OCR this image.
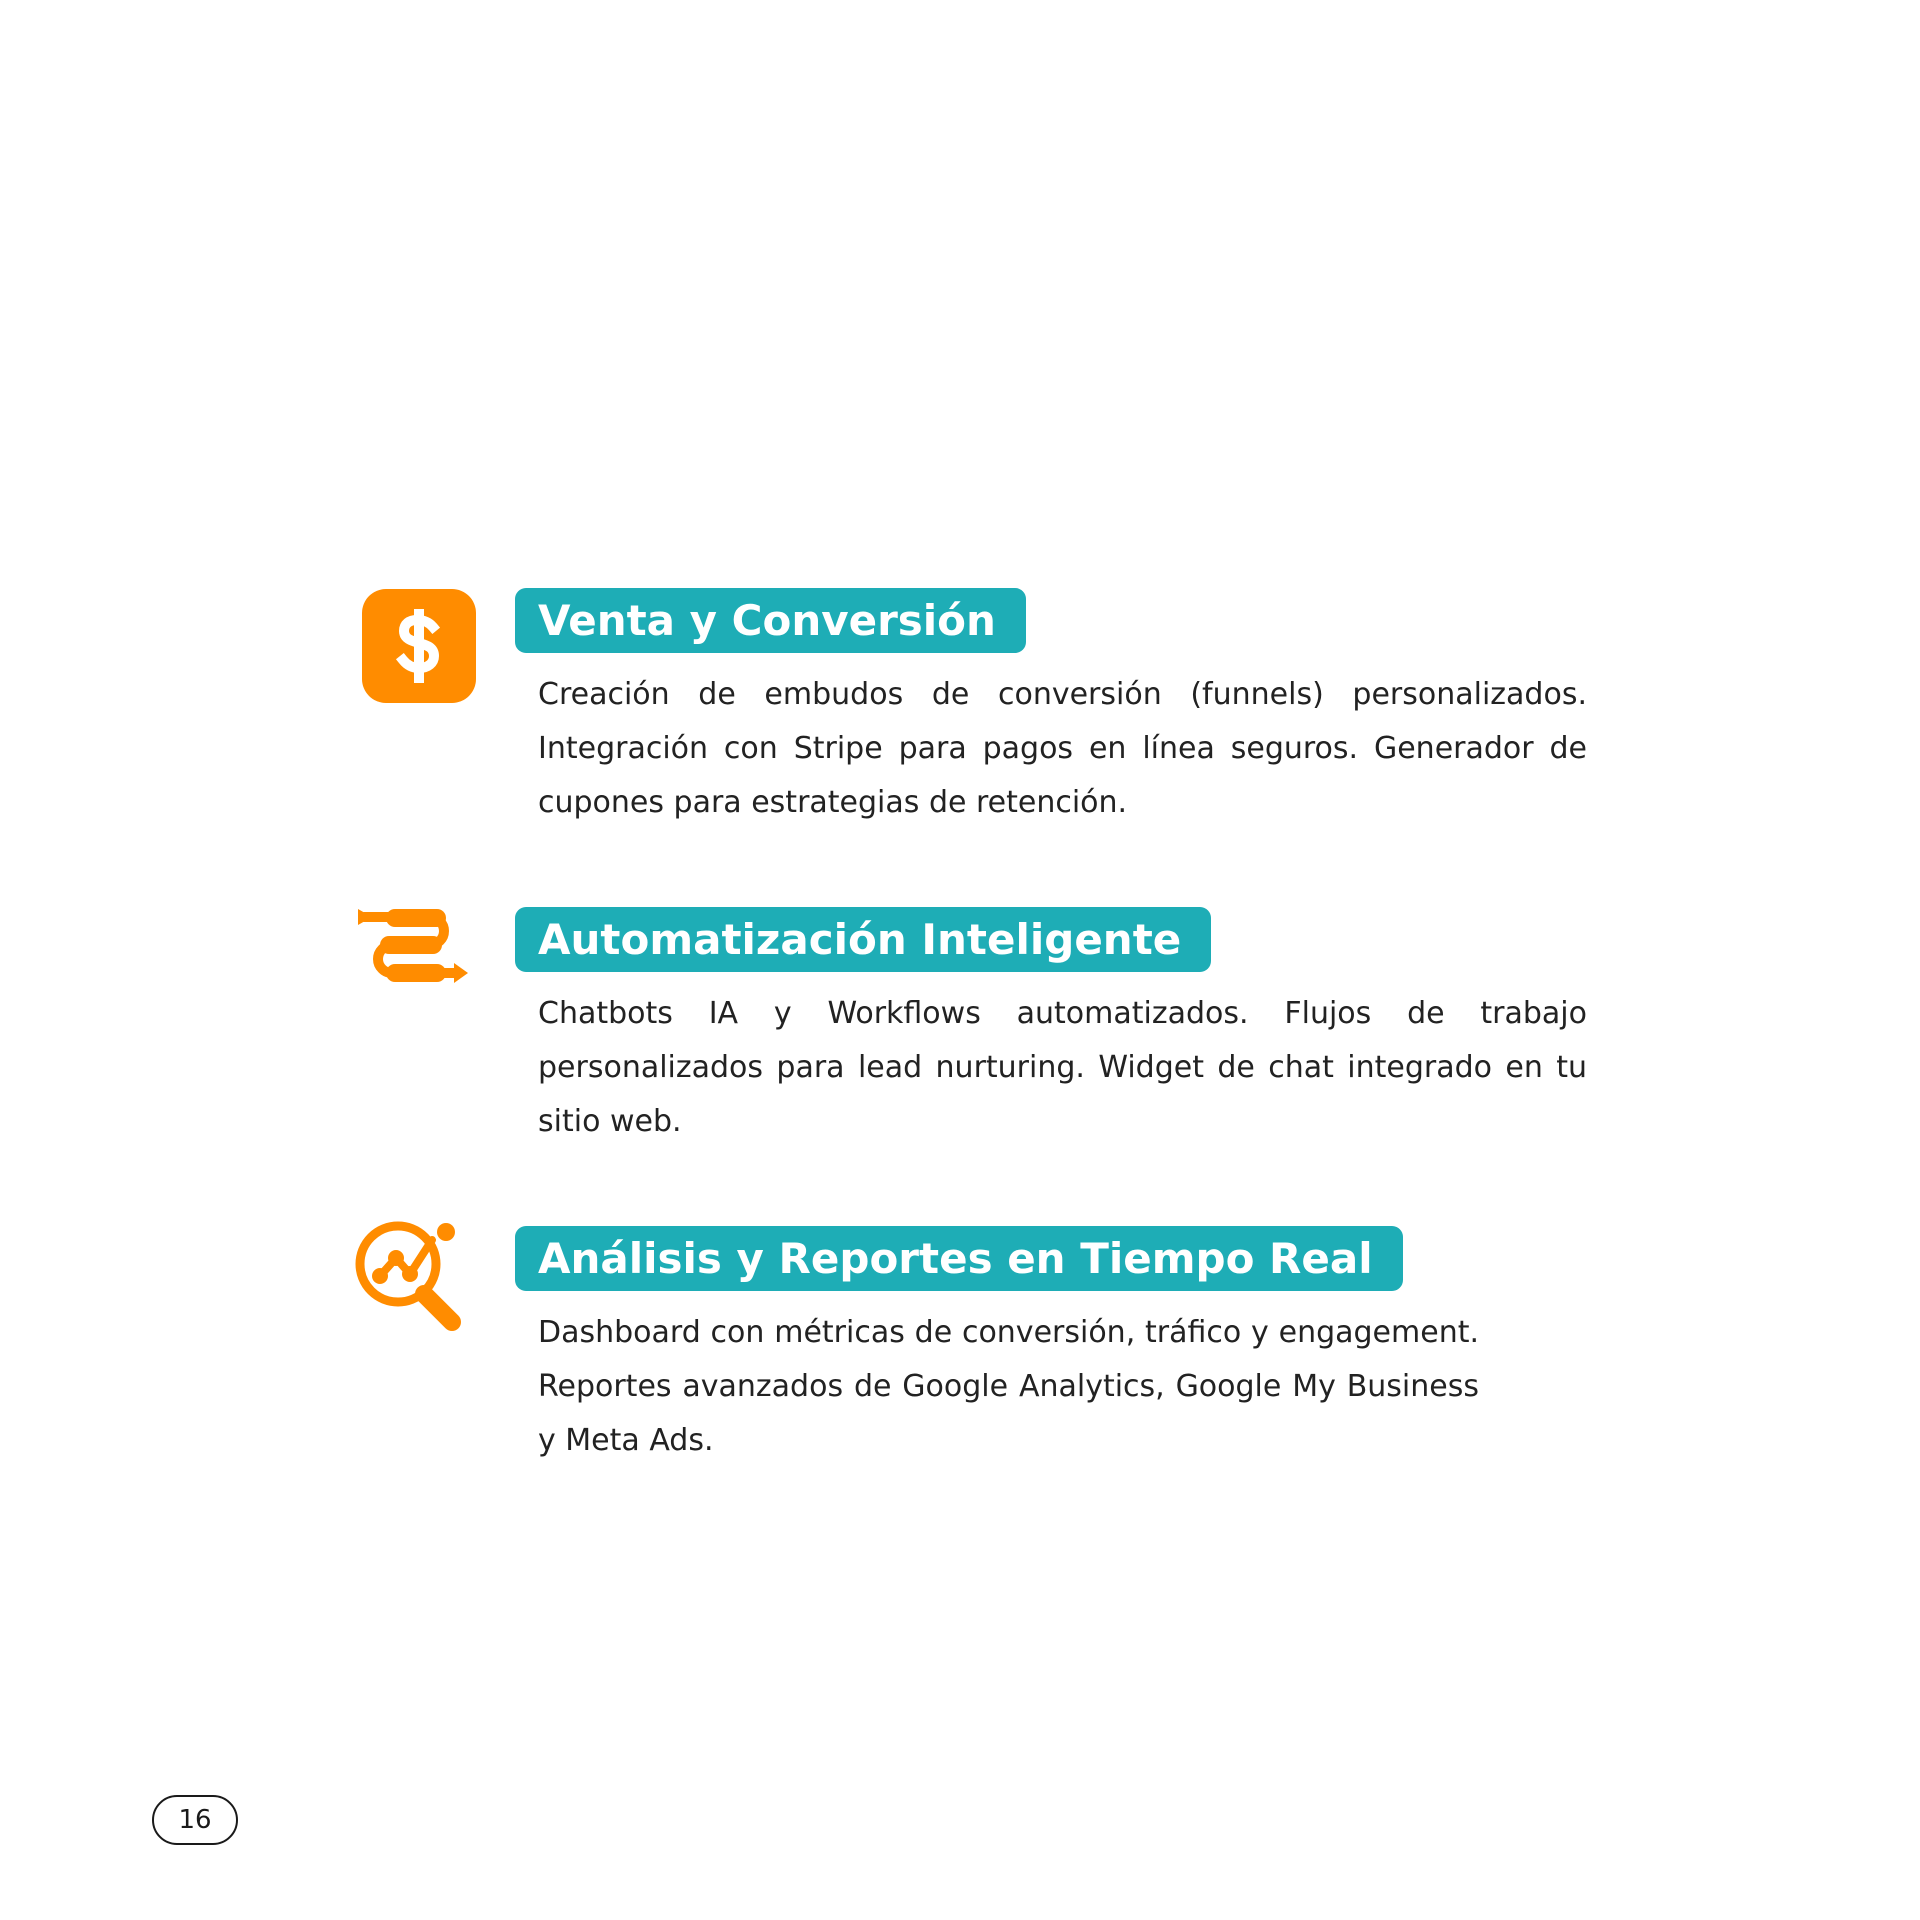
Venta y Conversión

Creación de embudos de conversión (funnels) personalizados. Integración con Stripe para pagos en línea seguros. Generador de cupones para estrategias de retención.

Automatización Inteligente

Chatbots IA y Workflows automatizados. Flujos de trabajo personalizados para lead nurturing. Widget de chat integrado en tu sitio web.

Análisis y Reportes en Tiempo Real

Dashboard con métricas de conversión, tráfico y engagement. Reportes avanzados de Google Analytics, Google My Business y Meta Ads.

16
